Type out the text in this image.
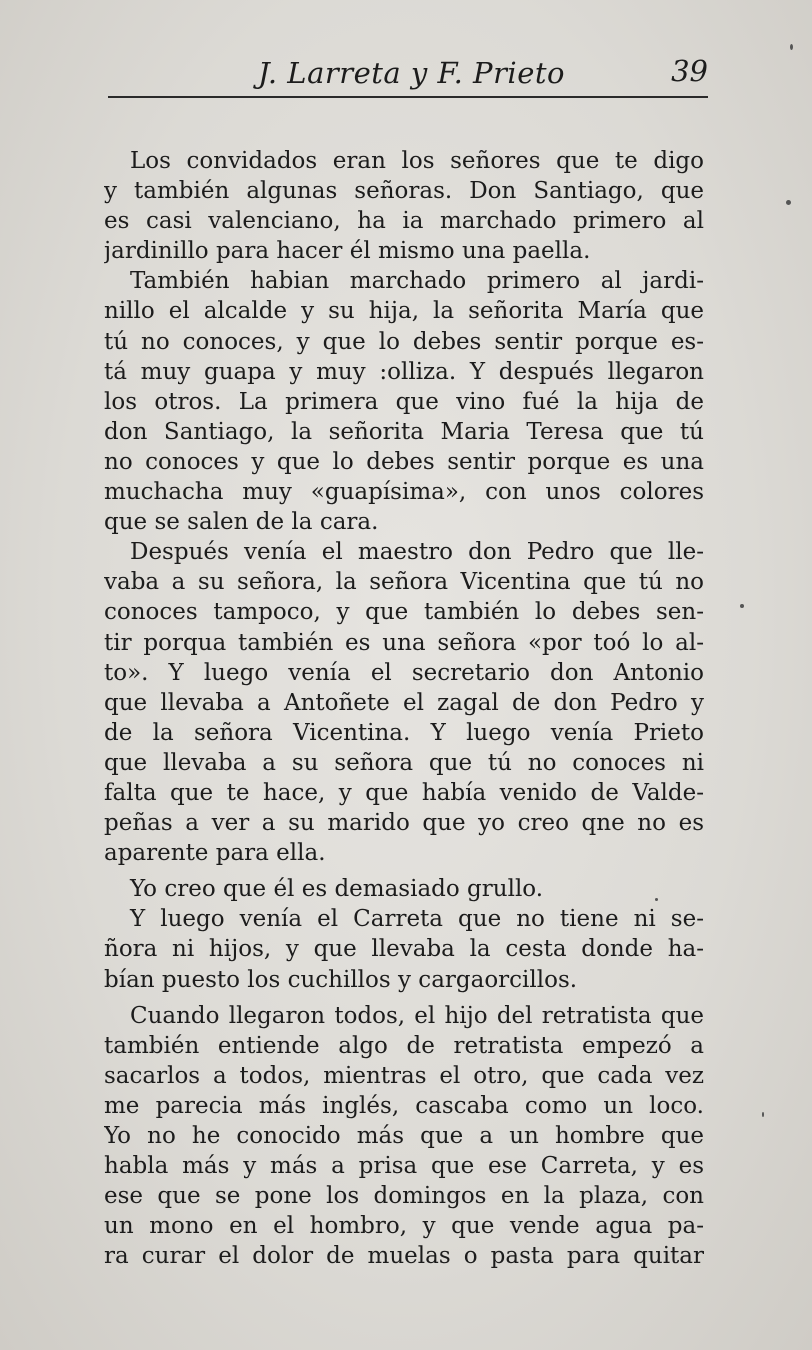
J. Larreta y F. Prieto	39
Los convidados eran los señores que te digo
y también algunas señoras. Don Santiago, que
es casi valenciano, ha ia marchado primero al
jardinillo para hacer él mismo una paella.
También habian marchado primero al jardi-
nillo el alcalde y su hija, la señorita María que
tú no conoces, y que lo debes sentir porque es-
tá muy guapa y muy :olliza. Y después llegaron
los otros. La primera que vino fué la hija de
don Santiago, la señorita Maria Teresa que tú
no conoces y que lo debes sentir porque es una
muchacha muy «guapísima», con unos colores
que se salen de la cara.
Después venía el maestro don Pedro que lle-
vaba a su señora, la señora Vicentina que tú no
conoces tampoco, y que también lo debes sen-
tir porqua también es una señora «por toó lo al-
to». Y luego venía el secretario don Antonio
que llevaba a Antoñete el zagal de don Pedro y
de la señora Vicentina. Y luego venía Prieto
que llevaba a su señora que tú no conoces ni
falta que te hace, y que había venido de Valde-
peñas a ver a su marido que yo creo qne no es
aparente para ella.
Yo creo que él es demasiado grullo.
Y luego venía el Carreta que no tiene ni se-
ñora ni hijos, y que llevaba la cesta donde ha-
bían puesto los cuchillos y cargaorcillos.
Cuando llegaron todos, el hijo del retratista que
también entiende algo de retratista empezó a
sacarlos a todos, mientras el otro, que cada vez
me parecia más inglés, cascaba como un loco.
Yo no he conocido más que a un hombre que
habla más y más a prisa que ese Carreta, y es
ese que se pone los domingos en la plaza, con
un mono en el hombro, y que vende agua pa-
ra curar el dolor de muelas o pasta para quitar
